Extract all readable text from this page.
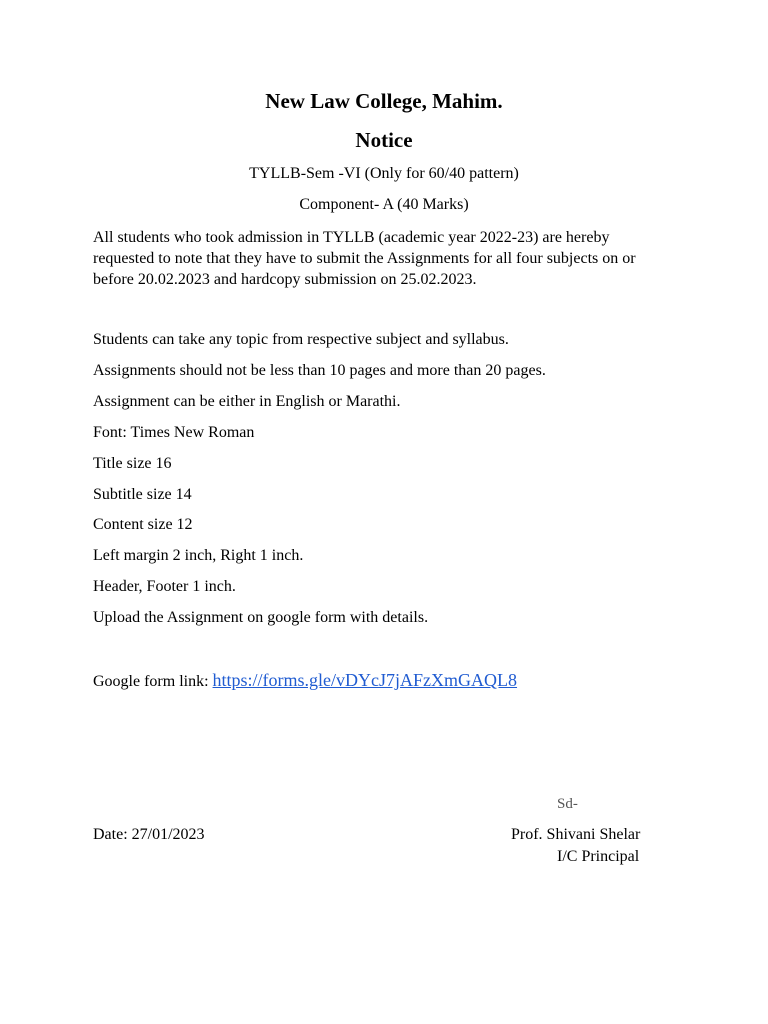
New Law College, Mahim.
Notice
TYLLB-Sem -VI (Only for 60/40 pattern)
Component- A (40 Marks)
All students who took admission in TYLLB (academic year 2022-23) are hereby requested to note that they have to submit the Assignments for all four subjects on or before 20.02.2023 and hardcopy submission on 25.02.2023.
Students can take any topic from respective subject and syllabus.
Assignments should not be less than 10 pages and more than 20 pages.
Assignment can be either in English or Marathi.
Font: Times New Roman
Title size 16
Subtitle size 14
Content size 12
Left margin 2 inch, Right 1 inch.
Header, Footer 1 inch.
Upload the Assignment on google form with details.
Google form link: https://forms.gle/vDYcJ7jAFzXmGAQL8
Sd-
Date: 27/01/2023	Prof. Shivani Shelar
I/C Principal
